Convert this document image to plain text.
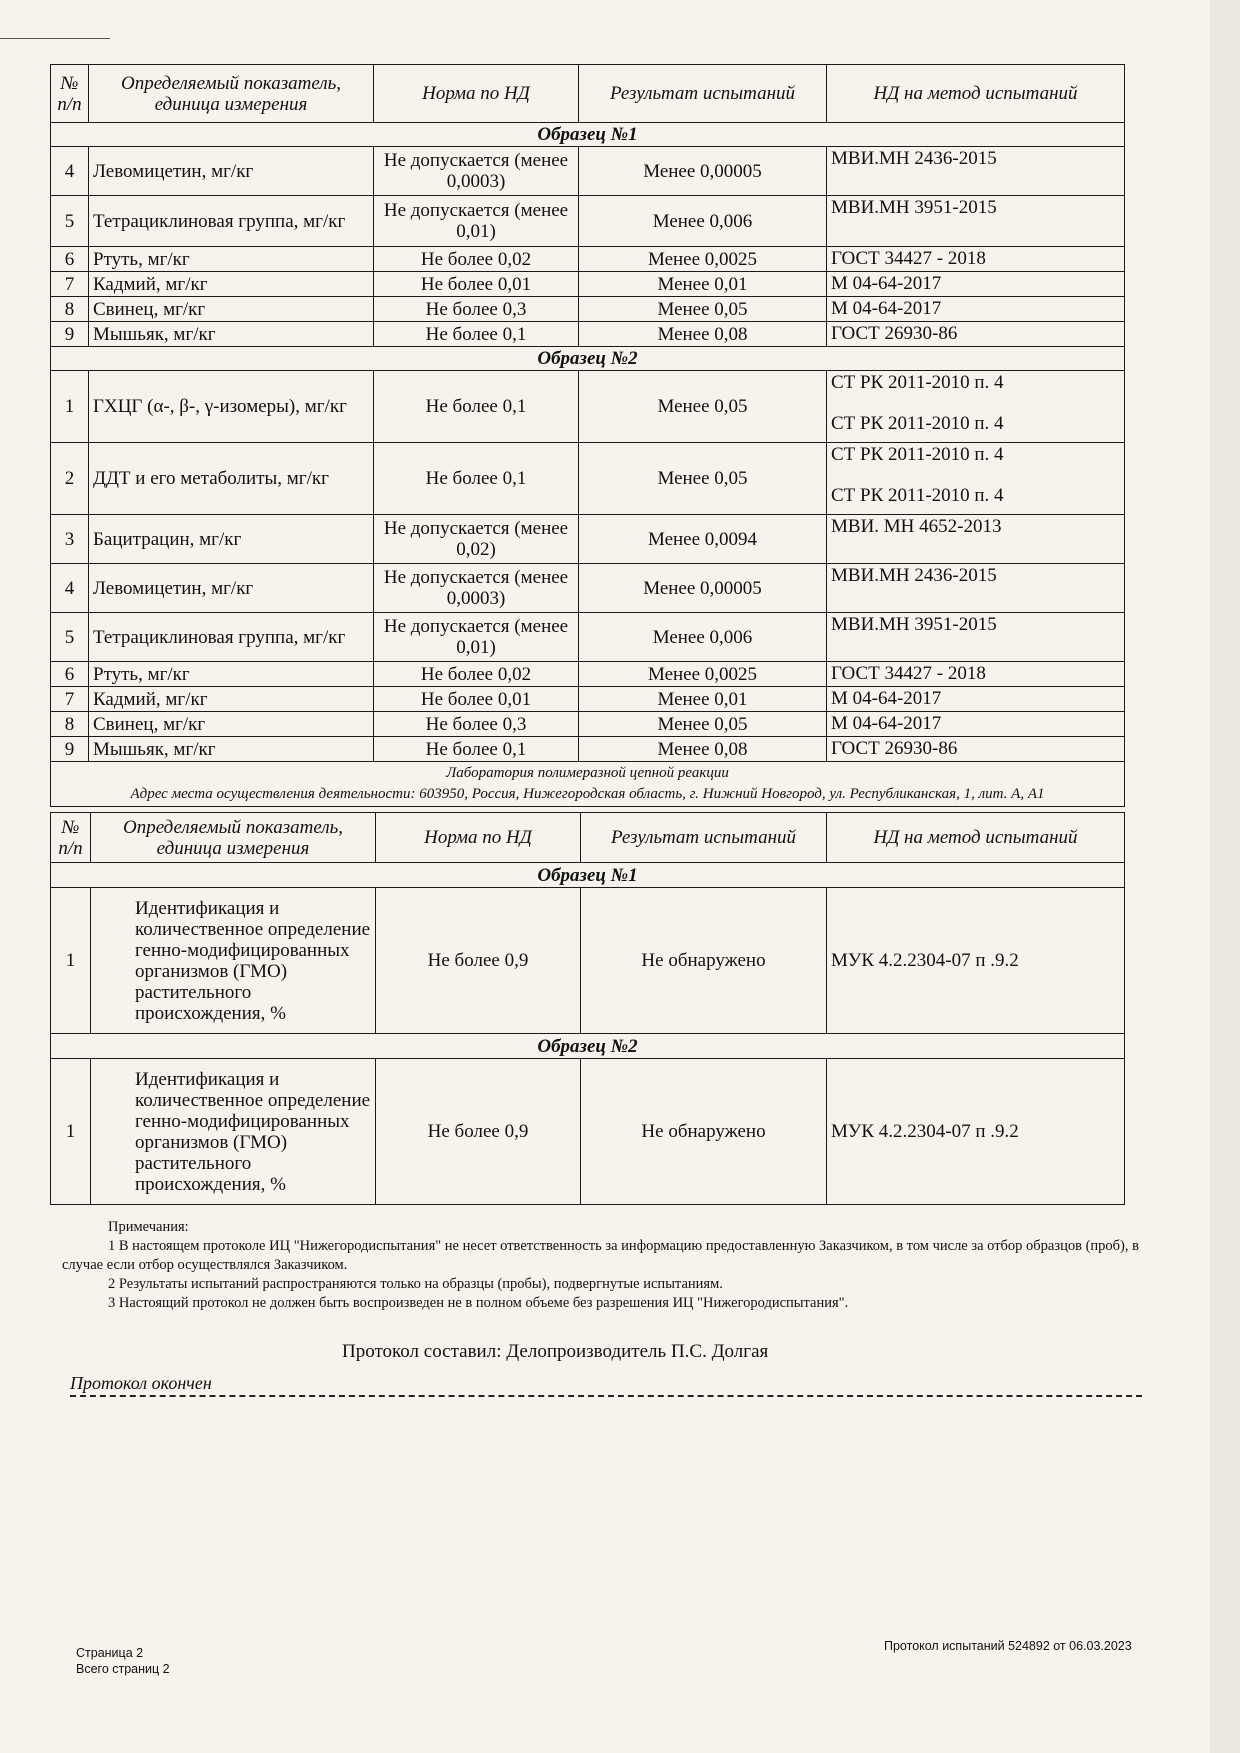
№ п/п	Определяемый показатель, единица измерения	Норма по НД	Результат испытаний	НД на метод испытаний
Образец №1				
4	Левомицетин, мг/кг	Не допускается (менее 0,0003)	Менее 0,00005	МВИ.МН 2436-2015
5	Тетрациклиновая группа, мг/кг	Не допускается (менее 0,01)	Менее 0,006	МВИ.МН 3951-2015
6	Ртуть, мг/кг	Не более 0,02	Менее 0,0025	ГОСТ 34427 - 2018
7	Кадмий, мг/кг	Не более 0,01	Менее 0,01	М 04-64-2017
8	Свинец, мг/кг	Не более 0,3	Менее 0,05	М 04-64-2017
9	Мышьяк, мг/кг	Не более 0,1	Менее 0,08	ГОСТ 26930-86
Образец №2				
1	ГХЦГ (α-, β-, γ-изомеры), мг/кг	Не более 0,1	Менее 0,05	СТ РК 2011-2010 п. 4
СТ РК 2011-2010 п. 4

2	ДДТ и его метаболиты, мг/кг	Не более 0,1	Менее 0,05	СТ РК 2011-2010 п. 4
СТ РК 2011-2010 п. 4

3	Бацитрацин, мг/кг	Не допускается (менее 0,02)	Менее 0,0094	МВИ. МН 4652-2013
4	Левомицетин, мг/кг	Не допускается (менее 0,0003)	Менее 0,00005	МВИ.МН 2436-2015
5	Тетрациклиновая группа, мг/кг	Не допускается (менее 0,01)	Менее 0,006	МВИ.МН 3951-2015
6	Ртуть, мг/кг	Не более 0,02	Менее 0,0025	ГОСТ 34427 - 2018
7	Кадмий, мг/кг	Не более 0,01	Менее 0,01	М 04-64-2017
8	Свинец, мг/кг	Не более 0,3	Менее 0,05	М 04-64-2017
9	Мышьяк, мг/кг	Не более 0,1	Менее 0,08	ГОСТ 26930-86

Лаборатория полимеразной цепной реакции
Адрес места осуществления деятельности: 603950, Россия, Нижегородская область, г. Нижний Новгород, ул. Республиканская, 1, лит. А, А1				
№ п/п	Определяемый показатель, единица измерения	Норма по НД	Результат испытаний	НД на метод испытаний
Образец №1				
1	Идентификация и количественное определение генно-модифицированных организмов (ГМО) растительного происхождения, %	Не более 0,9	Не обнаружено	МУК 4.2.2304-07 п .9.2
Образец №2				
1	Идентификация и количественное определение генно-модифицированных организмов (ГМО) растительного происхождения, %	Не более 0,9	Не обнаружено	МУК 4.2.2304-07 п .9.2

Примечания:

1 В настоящем протоколе ИЦ "Нижегородиспытания" не несет ответственность за информацию предоставленную Заказчиком, в том числе за отбор образцов (проб), в случае если отбор осуществлялся Заказчиком.

2 Результаты испытаний распространяются только на образцы (пробы), подвергнутые испытаниям.

3 Настоящий протокол не должен быть воспроизведен не в полном объеме без разрешения ИЦ "Нижегородиспытания".

Протокол составил: Делопроизводитель П.С. Долгая
Протокол окончен
Страница 2
Всего страниц 2
Протокол испытаний 524892 от 06.03.2023
